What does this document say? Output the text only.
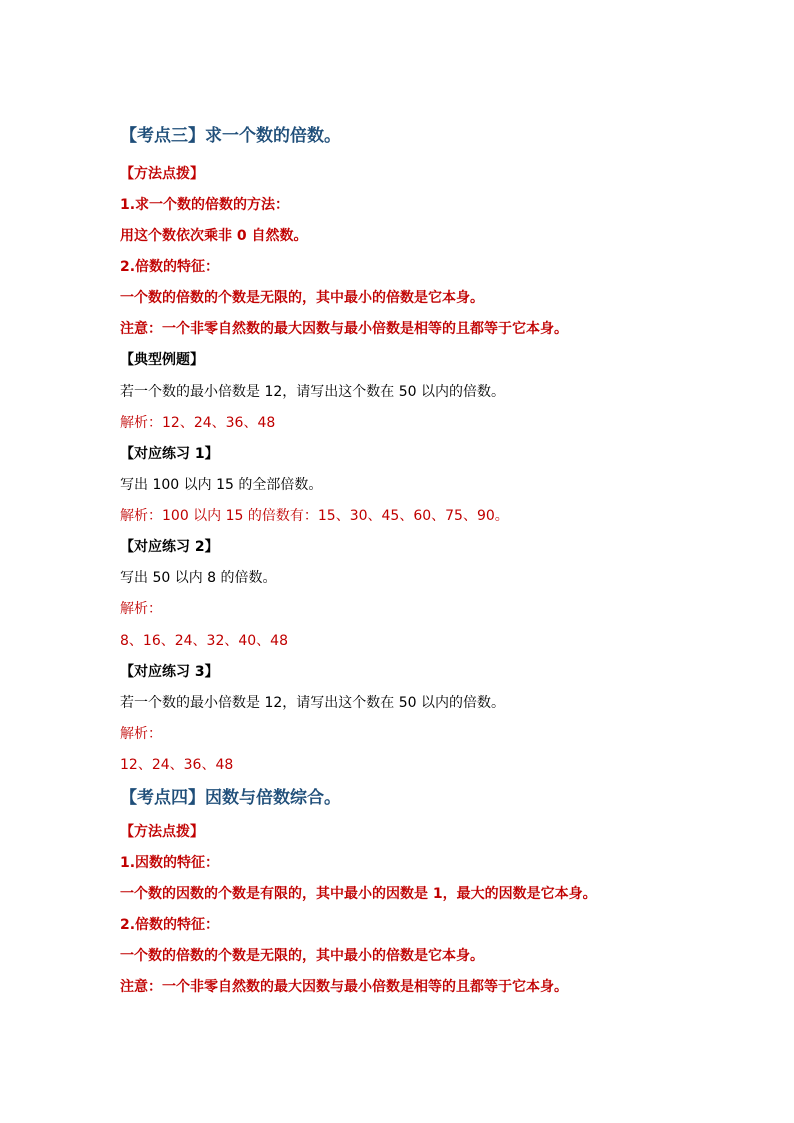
【考点三】求一个数的倍数。
【方法点拨】
1.求一个数的倍数的方法：
用这个数依次乘非 0 自然数。
2.倍数的特征：
一个数的倍数的个数是无限的，其中最小的倍数是它本身。
注意：一个非零自然数的最大因数与最小倍数是相等的且都等于它本身。
【典型例题】
若一个数的最小倍数是 12，请写出这个数在 50 以内的倍数。
解析：12、24、36、48
【对应练习 1】
写出 100 以内 15 的全部倍数。
解析：100 以内 15 的倍数有：15、30、45、60、75、90。
【对应练习 2】
写出 50 以内 8 的倍数。
解析：
8、16、24、32、40、48
【对应练习 3】
若一个数的最小倍数是 12，请写出这个数在 50 以内的倍数。
解析：
12、24、36、48
【考点四】因数与倍数综合。
【方法点拨】
1.因数的特征：
一个数的因数的个数是有限的，其中最小的因数是 1，最大的因数是它本身。
2.倍数的特征：
一个数的倍数的个数是无限的，其中最小的倍数是它本身。
注意：一个非零自然数的最大因数与最小倍数是相等的且都等于它本身。
